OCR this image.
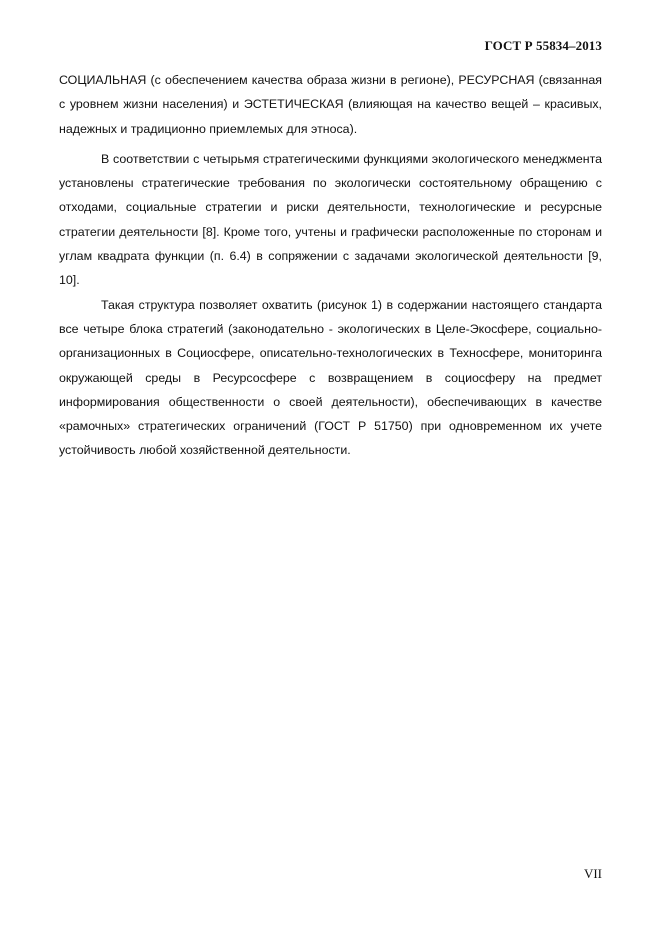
ГОСТ Р 55834–2013

СОЦИАЛЬНАЯ (с обеспечением качества образа жизни в регионе), РЕСУРСНАЯ (связанная с уровнем жизни населения) и ЭСТЕТИЧЕСКАЯ (влияющая на качество вещей – красивых, надежных и традиционно приемлемых для этноса).

В соответствии с четырьмя стратегическими функциями экологического менеджмента установлены стратегические требования по экологически состоятельному обращению с отходами, социальные стратегии и риски деятельности, технологические и ресурсные стратегии деятельности [8]. Кроме того, учтены и графически расположенные по сторонам и углам квадрата функции (п. 6.4) в сопряжении с задачами экологической деятельности [9, 10].

Такая структура позволяет охватить (рисунок 1) в содержании настоящего стандарта все четыре блока стратегий (законодательно - экологических в Целе-Экосфере, социально-организационных в Социосфере, описательно-технологических в Техносфере, мониторинга окружающей среды в Ресурсосфере с возвращением в социосферу на предмет информирования общественности о своей деятельности), обеспечивающих в качестве «рамочных» стратегических ограничений (ГОСТ Р 51750) при одновременном их учете устойчивость любой хозяйственной деятельности.

VII
